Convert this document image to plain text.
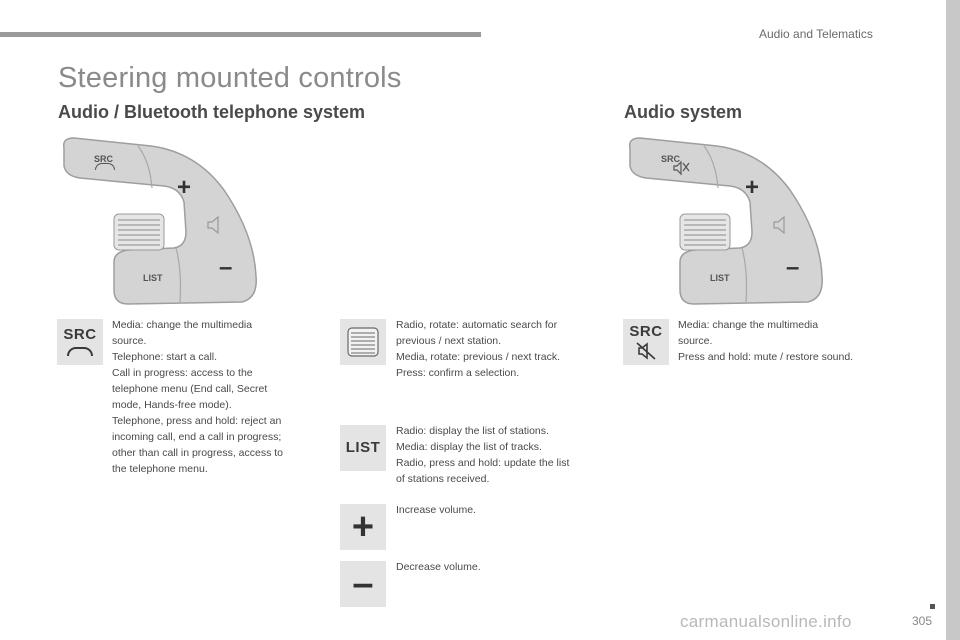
Audio and Telematics
Steering mounted controls
Audio / Bluetooth telephone system	Audio system
SRC
+
–
LIST
SRC
+
–
LIST
SRC
Media: change the multimedia
source.
Telephone: start a call.
Call in progress: access to the
telephone menu (End call, Secret
mode, Hands-free mode).
Telephone, press and hold: reject an
incoming call, end a call in progress;
other than call in progress, access to
the telephone menu.
Radio, rotate: automatic search for
previous / next station.
Media, rotate: previous / next track.
Press: confirm a selection.
LIST
Radio: display the list of stations.
Media: display the list of tracks.
Radio, press and hold: update the list
of stations received.
+ Increase volume.
– Decrease volume.
SRC Media: change the multimedia
source.
Press and hold: mute / restore sound.
carmanualsonline.info	305
